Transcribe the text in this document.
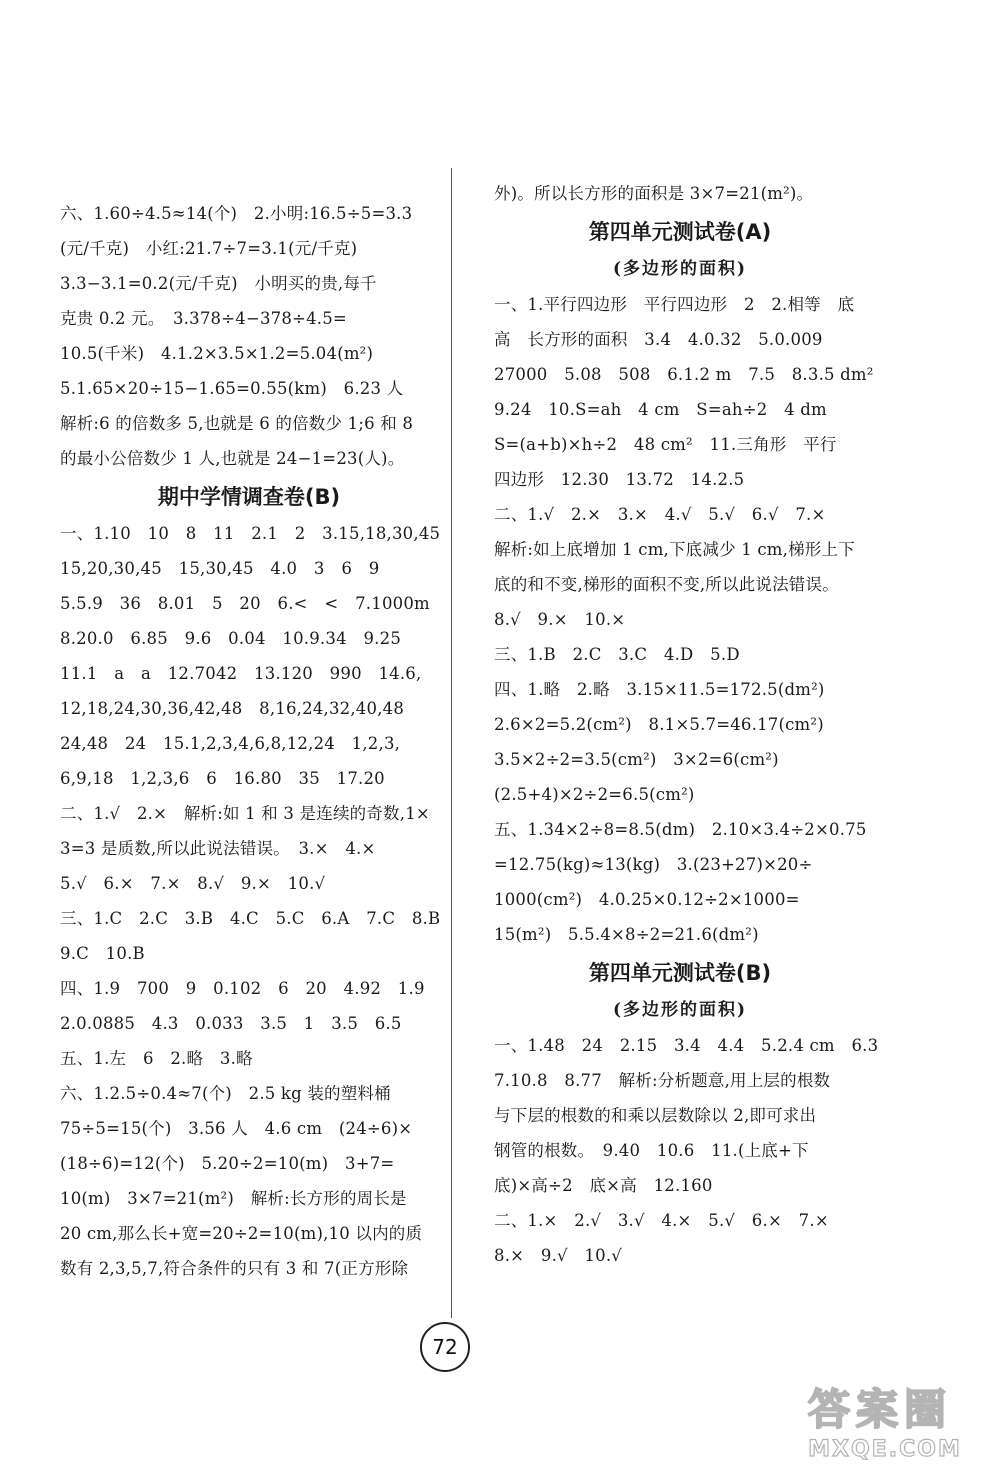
六、1.60÷4.5≈14(个)　2.小明:16.5÷5=3.3
(元/千克)　小红:21.7÷7=3.1(元/千克)
3.3−3.1=0.2(元/千克)　小明买的贵,每千
克贵 0.2 元。　3.378÷4−378÷4.5=
10.5(千米)　4.1.2×3.5×1.2=5.04(m²)
5.1.65×20÷15−1.65=0.55(km)　6.23 人
解析:6 的倍数多 5,也就是 6 的倍数少 1;6 和 8
的最小公倍数少 1 人,也就是 24−1=23(人)。
期中学情调查卷(B)
一、1.10　10　8　11　2.1　2　3.15,18,30,45
15,20,30,45　15,30,45　4.0　3　6　9
5.5.9　36　8.01　5　20　6.<　<　7.1000m
8.20.0　6.85　9.6　0.04　10.9.34　9.25
11.1　a　a　12.7042　13.120　990　14.6,
12,18,24,30,36,42,48　8,16,24,32,40,48
24,48　24　15.1,2,3,4,6,8,12,24　1,2,3,
6,9,18　1,2,3,6　6　16.80　35　17.20
二、1.√　2.×　解析:如 1 和 3 是连续的奇数,1×
3=3 是质数,所以此说法错误。　3.×　4.×
5.√　6.×　7.×　8.√　9.×　10.√
三、1.C　2.C　3.B　4.C　5.C　6.A　7.C　8.B
9.C　10.B
四、1.9　700　9　0.102　6　20　4.92　1.9
2.0.0885　4.3　0.033　3.5　1　3.5　6.5
五、1.左　6　2.略　3.略
六、1.2.5÷0.4≈7(个)　2.5 kg 装的塑料桶
75÷5=15(个)　3.56 人　4.6 cm　(24÷6)×
(18÷6)=12(个)　5.20÷2=10(m)　3+7=
10(m)　3×7=21(m²)　解析:长方形的周长是
20 cm,那么长+宽=20÷2=10(m),10 以内的质
数有 2,3,5,7,符合条件的只有 3 和 7(正方形除
外)。所以长方形的面积是 3×7=21(m²)。
第四单元测试卷(A)
(多边形的面积)
一、1.平行四边形　平行四边形　2　2.相等　底
高　长方形的面积　3.4　4.0.32　5.0.009
27000　5.08　508　6.1.2 m　7.5　8.3.5 dm²
9.24　10.S=ah　4 cm　S=ah÷2　4 dm
S=(a+b)×h÷2　48 cm²　11.三角形　平行
四边形　12.30　13.72　14.2.5
二、1.√　2.×　3.×　4.√　5.√　6.√　7.×
解析:如上底增加 1 cm,下底减少 1 cm,梯形上下
底的和不变,梯形的面积不变,所以此说法错误。
8.√　9.×　10.×
三、1.B　2.C　3.C　4.D　5.D
四、1.略　2.略　3.15×11.5=172.5(dm²)
2.6×2=5.2(cm²)　8.1×5.7=46.17(cm²)
3.5×2÷2=3.5(cm²)　3×2=6(cm²)
(2.5+4)×2÷2=6.5(cm²)
五、1.34×2÷8=8.5(dm)　2.10×3.4÷2×0.75
=12.75(kg)≈13(kg)　3.(23+27)×20÷
1000(cm²)　4.0.25×0.12÷2×1000=
15(m²)　5.5.4×8÷2=21.6(dm²)
第四单元测试卷(B)
(多边形的面积)
一、1.48　24　2.15　3.4　4.4　5.2.4 cm　6.3
7.10.8　8.77　解析:分析题意,用上层的根数
与下层的根数的和乘以层数除以 2,即可求出
钢管的根数。　9.40　10.6　11.(上底+下
底)×高÷2　底×高　12.160
二、1.×　2.√　3.√　4.×　5.√　6.×　7.×
8.×　9.√　10.√
72
答案圈
MXQE.COM
